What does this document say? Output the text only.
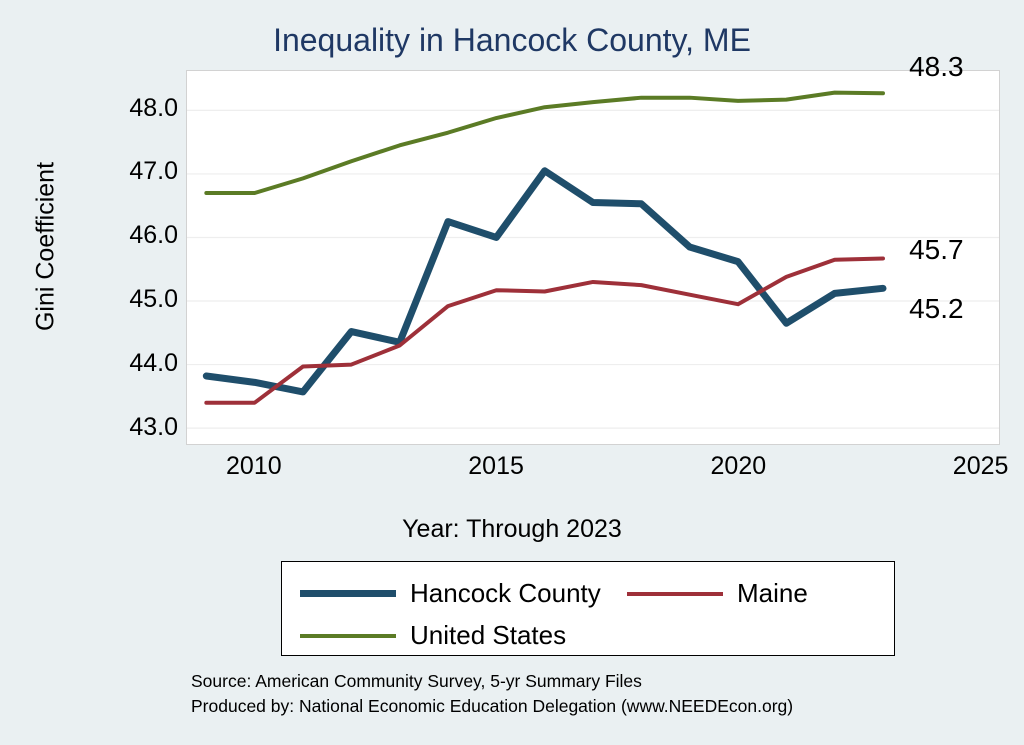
Inequality in Hancock County, ME
Gini Coefficient
43.0
44.0
45.0
46.0
47.0
48.0
2010	2015	2020	2025
48.3
45.7
45.2
Hancock County	Maine
United States
Year: Through 2023
Source: American Community Survey, 5-yr Summary Files
Produced by: National Economic Education Delegation (www.NEEDEcon.org)
